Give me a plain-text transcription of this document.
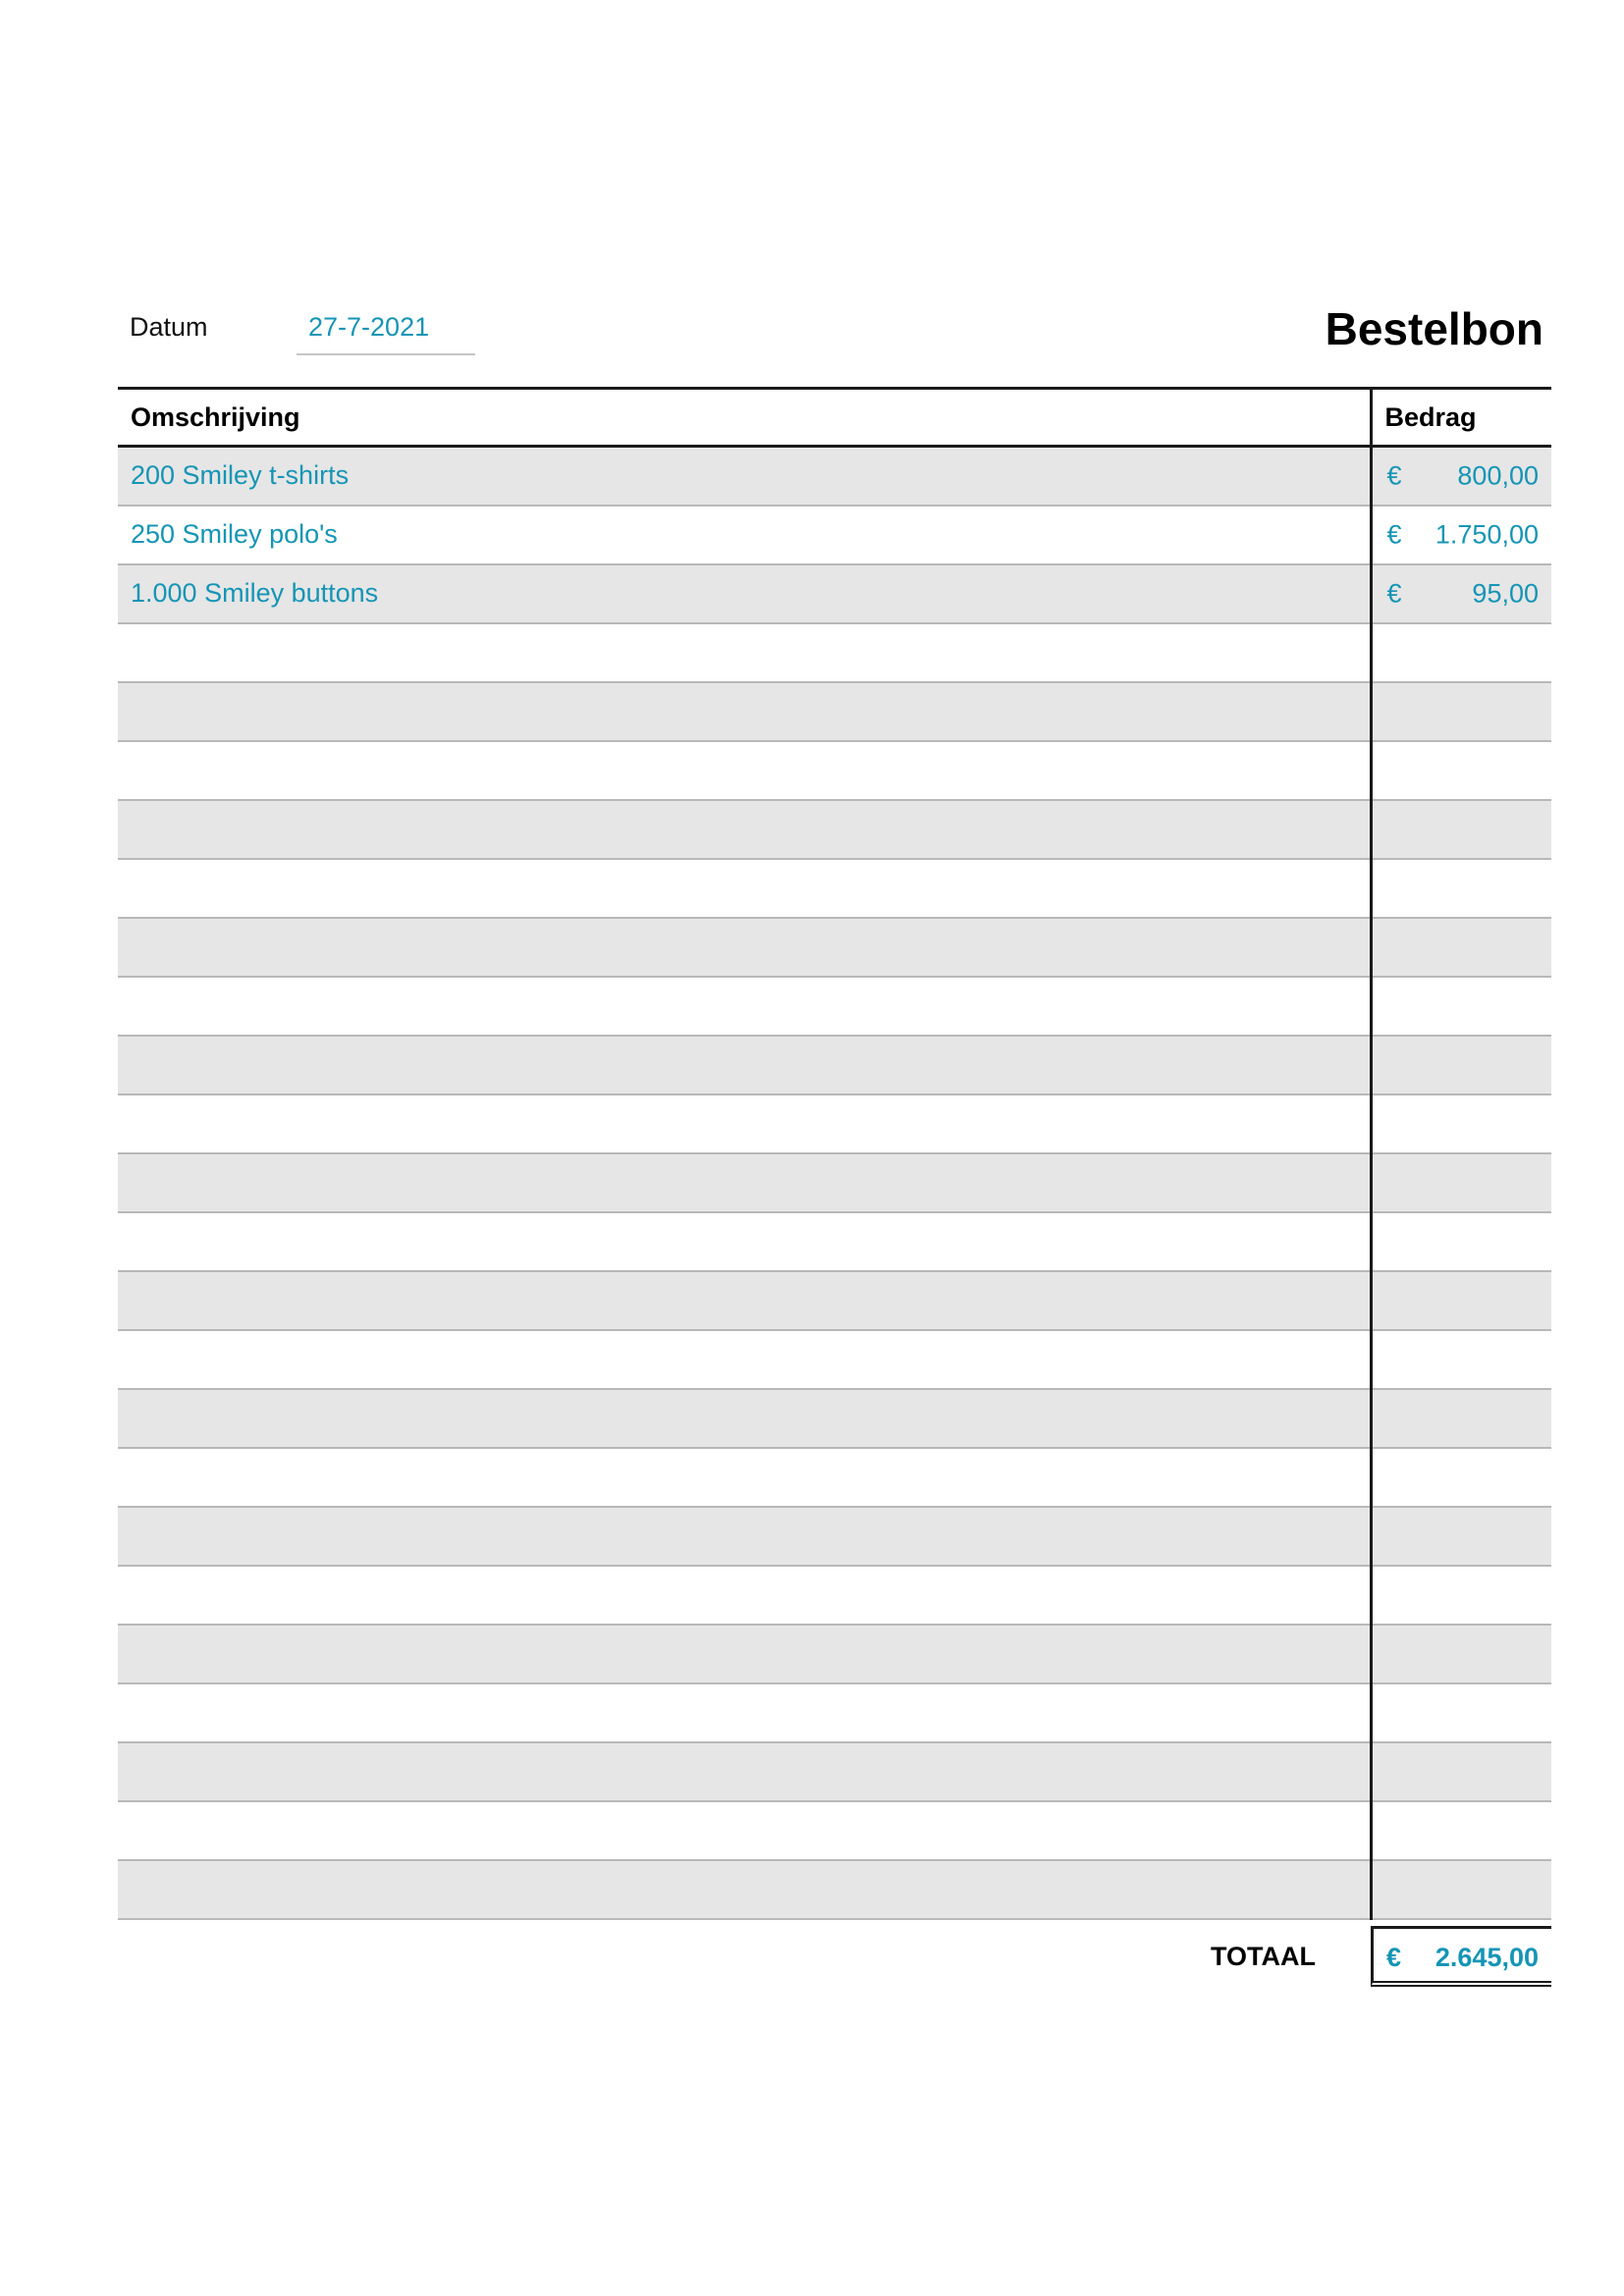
Datum	27-7-2021	Bestelbon
Omschrijving	Bedrag
200 Smiley t-shirts	€ 800,00

250 Smiley polo's	€ 1.750,00

1.000 Smiley buttons	€ 95,00

TOTAAL	€ 2.645,00
